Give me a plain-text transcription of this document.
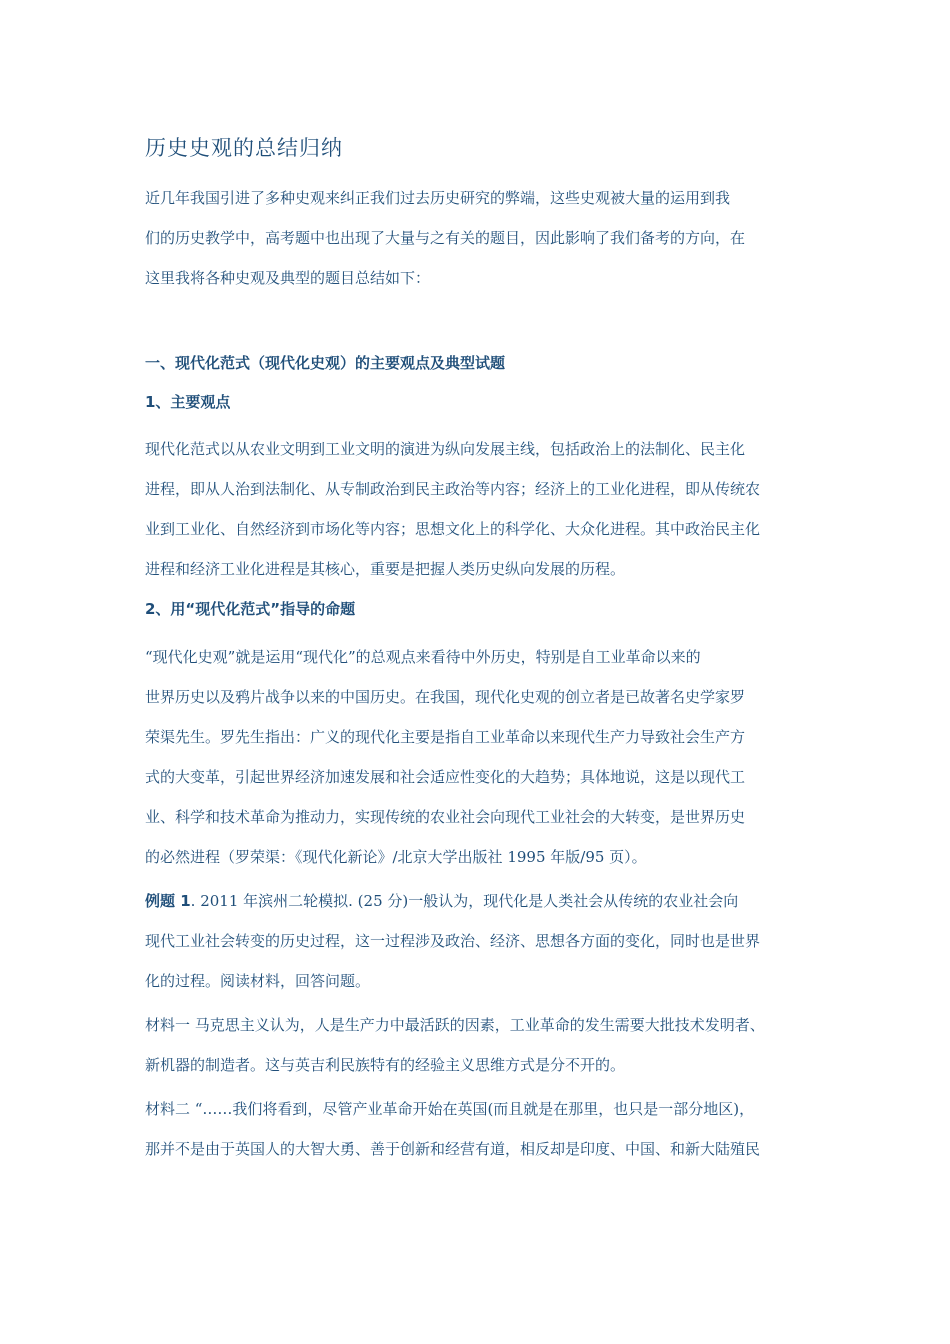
历史史观的总结归纳

近几年我国引进了多种史观来纠正我们过去历史研究的弊端，这些史观被大量的运用到我
们的历史教学中，高考题中也出现了大量与之有关的题目，因此影响了我们备考的方向，在
这里我将各种史观及典型的题目总结如下：

一、现代化范式（现代化史观）的主要观点及典型试题
1、主要观点

现代化范式以从农业文明到工业文明的演进为纵向发展主线，包括政治上的法制化、民主化
进程，即从人治到法制化、从专制政治到民主政治等内容；经济上的工业化进程，即从传统农
业到工业化、自然经济到市场化等内容；思想文化上的科学化、大众化进程。其中政治民主化
进程和经济工业化进程是其核心，重要是把握人类历史纵向发展的历程。

2、用“现代化范式”指导的命题

“现代化史观”就是运用“现代化”的总观点来看待中外历史，特别是自工业革命以来的
世界历史以及鸦片战争以来的中国历史。在我国，现代化史观的创立者是已故著名史学家罗
荣渠先生。罗先生指出：广义的现代化主要是指自工业革命以来现代生产力导致社会生产方
式的大变革，引起世界经济加速发展和社会适应性变化的大趋势；具体地说，这是以现代工
业、科学和技术革命为推动力，实现传统的农业社会向现代工业社会的大转变，是世界历史
的必然进程（罗荣渠：《现代化新论》/北京大学出版社 1995 年版/95 页）。

例题 1. 2011 年滨州二轮模拟. (25 分)一般认为，现代化是人类社会从传统的农业社会向
现代工业社会转变的历史过程，这一过程涉及政治、经济、思想各方面的变化，同时也是世界
化的过程。阅读材料，回答问题。

材料一 马克思主义认为，人是生产力中最活跃的因素，工业革命的发生需要大批技术发明者、
新机器的制造者。这与英吉利民族特有的经验主义思维方式是分不开的。

材料二 “……我们将看到，尽管产业革命开始在英国(而且就是在那里，也只是一部分地区)，
那并不是由于英国人的大智大勇、善于创新和经营有道，相反却是印度、中国、和新大陆殖民
